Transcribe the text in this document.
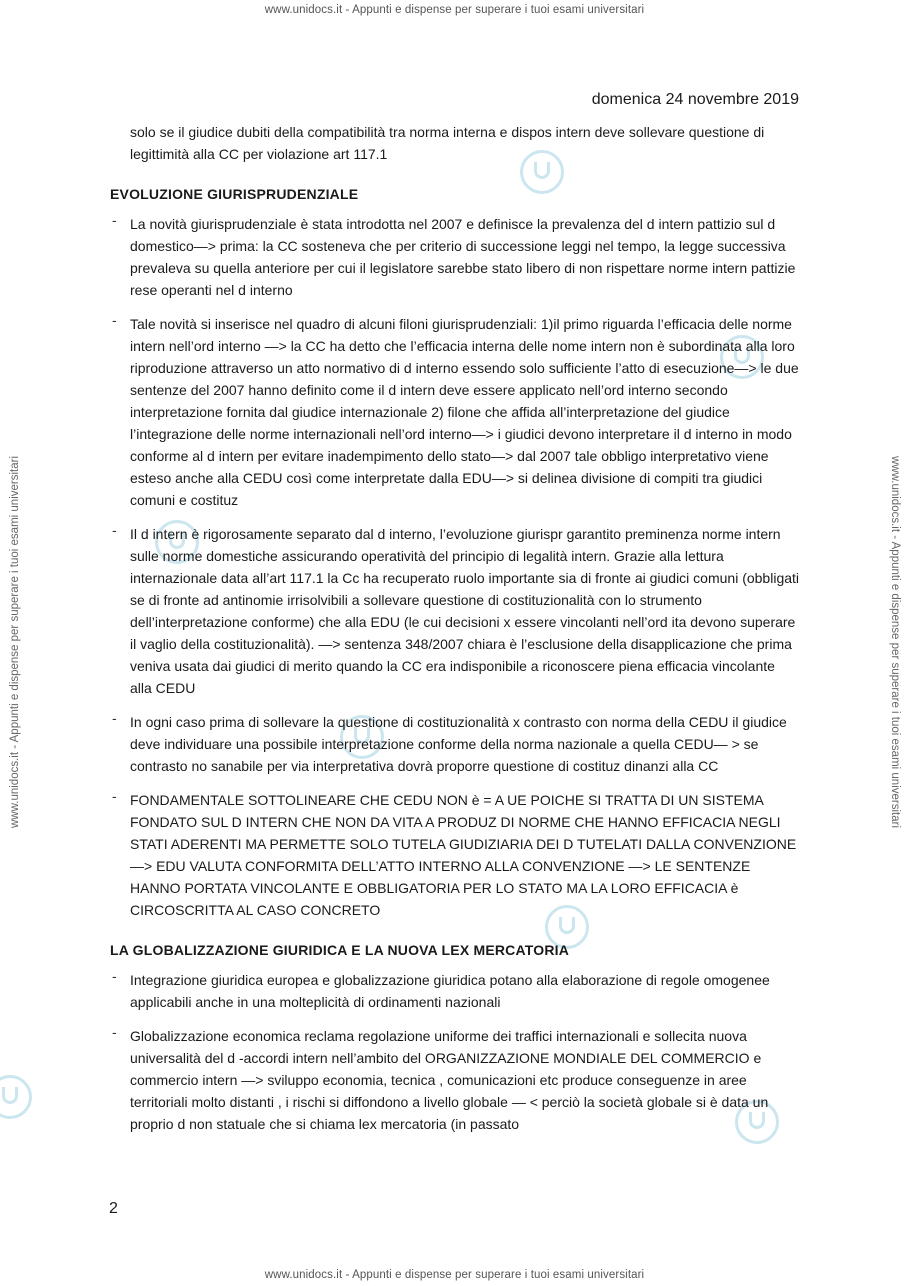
www.unidocs.it - Appunti e dispense per superare i tuoi esami universitari
www.unidocs.it - Appunti e dispense per superare i tuoi esami universitari	www.unidocs.it - Appunti e dispense per superare i tuoi esami universitari
domenica 24 novembre 2019
solo se il giudice dubiti della compatibilità tra norma interna e dispos intern deve sollevare questione di legittimità alla CC per violazione art 117.1
EVOLUZIONE GIURISPRUDENZIALE
- La novità giurisprudenziale è stata introdotta nel 2007 e definisce la prevalenza del d intern pattizio sul d domestico—> prima: la CC sosteneva che per criterio di successione leggi nel tempo, la legge successiva prevaleva su quella anteriore per cui il legislatore sarebbe stato libero di non rispettare norme intern pattizie rese operanti nel d interno
- Tale novità si inserisce nel quadro di alcuni filoni giurisprudenziali: 1)il primo riguarda l’efficacia delle norme intern nell’ord interno —> la CC ha detto che l’efficacia interna delle nome intern non è subordinata alla loro riproduzione attraverso un atto normativo di d interno essendo solo sufficiente l’atto di esecuzione—> le due sentenze del 2007 hanno definito come il d intern deve essere applicato nell’ord interno secondo interpretazione fornita dal giudice internazionale 2) filone che affida all’interpretazione del giudice l’integrazione delle norme internazionali nell’ord interno—> i giudici devono interpretare il d interno in modo conforme al d intern per evitare inadempimento dello stato—> dal 2007 tale obbligo interpretativo viene esteso anche alla CEDU così come interpretate dalla EDU—> si delinea divisione di compiti tra giudici comuni e costituz
- Il d intern è rigorosamente separato dal d interno, l’evoluzione giurispr garantito preminenza norme intern sulle norme domestiche assicurando operatività del principio di legalità intern. Grazie alla lettura internazionale data all’art 117.1 la Cc ha recuperato ruolo importante sia di fronte ai giudici comuni (obbligati se di fronte ad antinomie irrisolvibili a sollevare questione di costituzionalità con lo strumento dell’interpretazione conforme) che alla EDU (le cui decisioni x essere vincolanti nell’ord ita devono superare il vaglio della costituzionalità). —> sentenza 348/2007 chiara è l’esclusione della disapplicazione che prima veniva usata dai giudici di merito quando la CC era indisponibile a riconoscere piena efficacia vincolante alla CEDU
- In ogni caso prima di sollevare la questione di costituzionalità x contrasto con norma della CEDU il giudice deve individuare una possibile interpretazione conforme della norma nazionale a quella CEDU— > se contrasto no sanabile per via interpretativa dovrà proporre questione di costituz dinanzi alla CC
- FONDAMENTALE SOTTOLINEARE CHE CEDU NON è = A UE POICHE SI TRATTA DI UN SISTEMA FONDATO SUL D INTERN CHE NON DA VITA A PRODUZ DI NORME CHE HANNO EFFICACIA NEGLI STATI ADERENTI MA PERMETTE SOLO TUTELA GIUDIZIARIA DEI D TUTELATI DALLA CONVENZIONE—> EDU VALUTA CONFORMITA DELL’ATTO INTERNO ALLA CONVENZIONE —> LE SENTENZE HANNO PORTATA VINCOLANTE E OBBLIGATORIA PER LO STATO MA LA LORO EFFICACIA è CIRCOSCRITTA AL CASO CONCRETO
LA GLOBALIZZAZIONE GIURIDICA E LA NUOVA LEX MERCATORIA
- Integrazione giuridica europea e globalizzazione giuridica potano alla elaborazione di regole omogenee applicabili anche in una molteplicità di ordinamenti nazionali
- Globalizzazione economica reclama regolazione uniforme dei traffici internazionali e sollecita nuova universalità del d -accordi intern nell’ambito del ORGANIZZAZIONE MONDIALE DEL COMMERCIO e commercio intern —> sviluppo economia, tecnica , comunicazioni etc produce conseguenze in aree territoriali molto distanti , i rischi si diffondono a livello globale — < perciò la società globale si è data un proprio d non statuale che si chiama lex mercatoria (in passato
2
www.unidocs.it - Appunti e dispense per superare i tuoi esami universitari
